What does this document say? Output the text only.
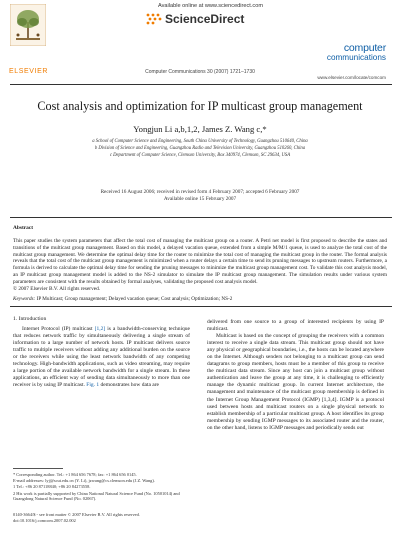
ELSEVIER
Available online at www.sciencedirect.com
ScienceDirect
computer
communications
Computer Communications 30 (2007) 1721–1730
www.elsevier.com/locate/comcom
Cost analysis and optimization for IP multicast group management
Yongjun Li a,b,1,2, James Z. Wang c,*
a School of Computer Science and Engineering, South China University of Technology, Guangzhou 510640, China
b Division of Science and Engineering, Guangzhou Radio and Television University, Guangzhou 510260, China
c Department of Computer Science, Clemson University, Box 340974, Clemson, SC 29634, USA
Received 16 August 2006; received in revised form 4 February 2007; accepted 6 February 2007
Available online 15 February 2007
Abstract
This paper studies the system parameters that affect the total cost of managing the multicast group on a router. A Petri net model is first proposed to describe the states and transitions of the multicast group management. Based on this model, a delayed vacation queue, extended from a simple M/M/1 queue, is used to analyze the total cost of the multicast group management. We determine the optimal delay time for the router to minimize the total cost of managing the multicast group in the router. The formal analysis reveals that the total cost of the multicast group management is minimized when a router delays a certain time to send its pruning messages to upstream routers. Furthermore, a formula is derived to calculate the optimal delay time for sending the pruning messages to minimize the multicast group management cost. To validate this cost analysis model, an IP multicast group management model is added to the NS-2 simulator to simulate the IP multicast group management. The simulation results under various system parameters are consistent with the results obtained by formal analyses, validating the proposed cost analysis model.
© 2007 Elsevier B.V. All rights reserved.
Keywords: IP Multicast; Group management; Delayed vacation queue; Cost analysis; Optimization; NS-2
1. Introduction

Internet Protocol (IP) multicast [1,2] is a bandwidth-conserving technique that reduces network traffic by simultaneously delivering a single stream of information to a large number of network hosts. IP multicast delivers source traffic to multiple receivers without adding any additional burden on the source or the receivers while using the least network bandwidth of any competing technology. High-bandwidth applications, such as video streaming, may require a large portion of the available network bandwidth for a single stream. In these applications, an efficient way of sending data simultaneously to more than one receiver is by using IP multicast. Fig. 1 demonstrates how data are

delivered from one source to a group of interested recipients by using IP multicast.

Multicast is based on the concept of grouping the receivers with a common interest to receive a single data stream. This multicast group should not have any physical or geographical boundaries, i.e., the hosts can be located anywhere on the Internet. Although senders not belonging to a multicast group can send datagrams to group members, hosts must be a member of this group to receive the multicast data stream. Since any host can join a multicast group without authentication and leave the group at any time, it is challenging to efficiently manage the dynamic multicast group. In current Internet architecture, the management and maintenance of the multicast group membership is defined in the Internet Group Management Protocol (IGMP) [1,3,4]. IGMP is a protocol used between hosts and multicast routers on a single physical network to establish membership of a particular multicast group. A host identifies its group membership by sending IGMP messages to its associated router and the router, on the other hand, listens to IGMP messages and periodically sends out

* Corresponding author. Tel.: +1 864 656 7678; fax: +1 864 656 0145.
E-mail addresses: lyj@scut.edu.cn (Y. Li), jzwang@cs.clemson.edu (J.Z. Wang).
1 Tel.: +86 20 87118840; +86 20 84273558.
2 His work is partially supported by China National Natural Science Fund (No. 10501014) and Guangdong Natural Science Fund (No. 02067).
0140-3664/$ - see front matter © 2007 Elsevier B.V. All rights reserved.
doi:10.1016/j.comcom.2007.02.002
